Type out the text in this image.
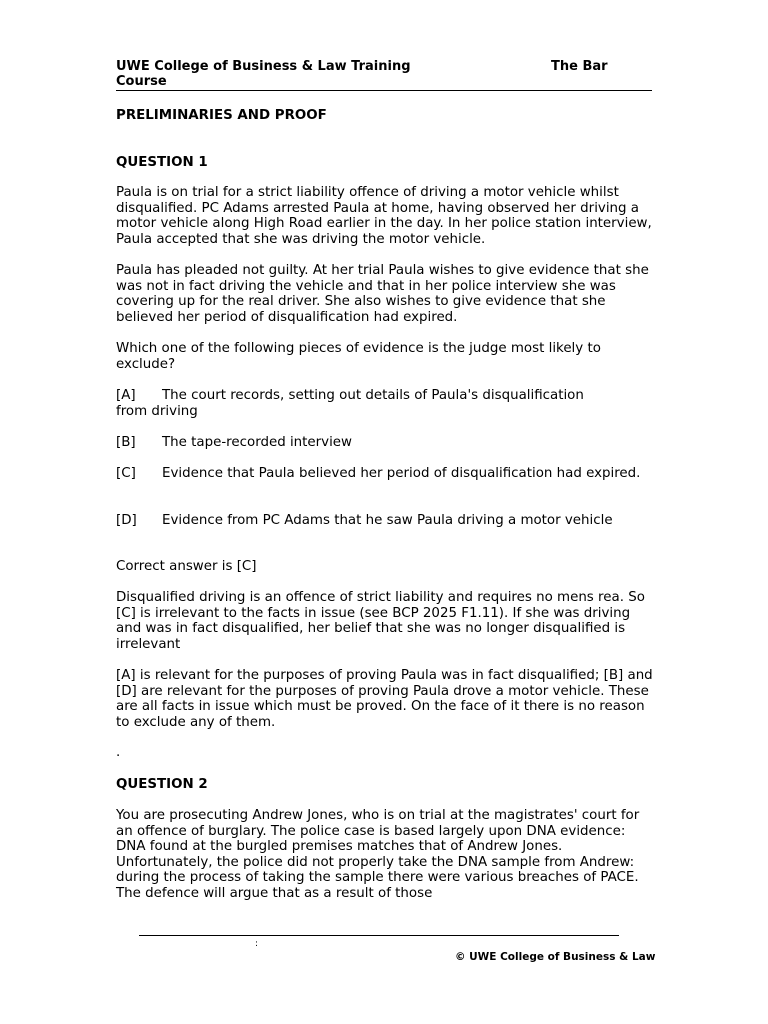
UWE College of Business & Law Training Course
The Bar
PRELIMINARIES AND PROOF
QUESTION 1
Paula is on trial for a strict liability offence of driving a motor vehicle whilst disqualified. PC Adams arrested Paula at home, having observed her driving a motor vehicle along High Road earlier in the day. In her police station interview, Paula accepted that she was driving the motor vehicle.
Paula has pleaded not guilty. At her trial Paula wishes to give evidence that she was not in fact driving the vehicle and that in her police interview she was covering up for the real driver. She also wishes to give evidence that she believed her period of disqualification had expired.
Which one of the following pieces of evidence is the judge most likely to exclude?
[A]	The court records, setting out details of Paula's disqualification from driving
[B] The tape-recorded interview
[C] Evidence that Paula believed her period of disqualification had expired.
[D] Evidence from PC Adams that he saw Paula driving a motor vehicle
Correct answer is [C]
Disqualified driving is an offence of strict liability and requires no mens rea. So [C] is irrelevant to the facts in issue (see BCP 2025 F1.11). If she was driving and was in fact disqualified, her belief that she was no longer disqualified is irrelevant
[A] is relevant for the purposes of proving Paula was in fact disqualified; [B] and [D] are relevant for the purposes of proving Paula drove a motor vehicle. These are all facts in issue which must be proved. On the face of it there is no reason to exclude any of them.
.
QUESTION 2
You are prosecuting Andrew Jones, who is on trial at the magistrates' court for an offence of burglary. The police case is based largely upon DNA evidence: DNA found at the burgled premises matches that of Andrew Jones. Unfortunately, the police did not properly take the DNA sample from Andrew: during the process of taking the sample there were various breaches of PACE. The defence will argue that as a result of those
:
© UWE College of Business & Law
